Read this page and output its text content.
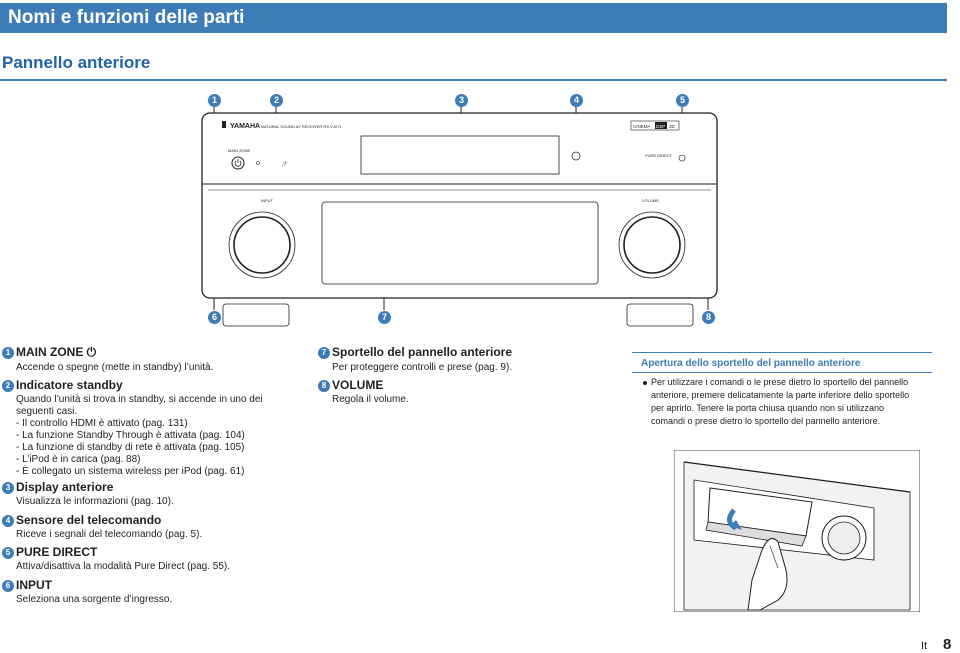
Nomi e funzioni delle parti
Pannello anteriore
YAMAHA NATURAL SOUND AV RECEIVER RX-V1071	CINEMA DSP 3D
MAIN ZONE
ℱ
PURE DIRECT
INPUT	VOLUME
1	2	3	4	5
6	7	8
1 MAIN ZONE ⏻
Accende o spegne (mette in standby) l’unità.
2 Indicatore standby
Quando l’unità si trova in standby, si accende in uno dei
seguenti casi.
- Il controllo HDMI è attivato (pag. 131)
- La funzione Standby Through è attivata (pag. 104)
- La funzione di standby di rete è attivata (pag. 105)
- L’iPod è in carica (pag. 88)
- È collegato un sistema wireless per iPod (pag. 61)
3 Display anteriore
Visualizza le informazioni (pag. 10).
4 Sensore del telecomando
Riceve i segnali del telecomando (pag. 5).
5 PURE DIRECT
Attiva/disattiva la modalità Pure Direct (pag. 55).
6 INPUT
Seleziona una sorgente d’ingresso.
7 Sportello del pannello anteriore
Per proteggere controlli e prese (pag. 9).
8 VOLUME
Regola il volume.
Apertura dello sportello del pannello anteriore
Per utilizzare i comandi o le prese dietro lo sportello del pannello
anteriore, premere delicatamente la parte inferiore dello sportello
per aprirlo. Tenere la porta chiusa quando non si utilizzano
comandi o prese dietro lo sportello del pannello anteriore.
It 8
